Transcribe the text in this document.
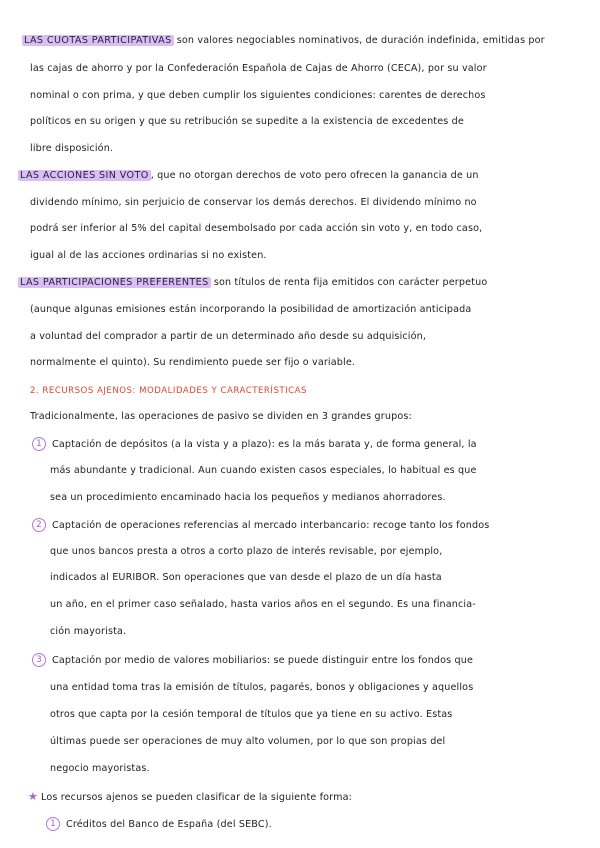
LAS CUOTAS PARTICIPATIVAS son valores negociables nominativos, de duración indefinida, emitidas por
las cajas de ahorro y por la Confederación Española de Cajas de Ahorro (CECA), por su valor
nominal o con prima, y que deben cumplir los siguientes condiciones: carentes de derechos
políticos en su origen y que su retribución se supedite a la existencia de excedentes de
libre disposición.
LAS ACCIONES SIN VOTO , que no otorgan derechos de voto pero ofrecen la ganancia de un
dividendo mínimo, sin perjuicio de conservar los demás derechos. El dividendo mínimo no
podrá ser inferior al 5% del capital desembolsado por cada acción sin voto y, en todo caso,
igual al de las acciones ordinarias si no existen.
LAS PARTICIPACIONES PREFERENTES son títulos de renta fija emitidos con carácter perpetuo
(aunque algunas emisiones están incorporando la posibilidad de amortización anticipada
a voluntad del comprador a partir de un determinado año desde su adquisición,
normalmente el quinto). Su rendimiento puede ser fijo o variable.
2. RECURSOS AJENOS: MODALIDADES Y CARACTERÍSTICAS
Tradicionalmente, las operaciones de pasivo se dividen en 3 grandes grupos:
1 Captación de depósitos (a la vista y a plazo): es la más barata y, de forma general, la
más abundante y tradicional. Aun cuando existen casos especiales, lo habitual es que
sea un procedimiento encaminado hacia los pequeños y medianos ahorradores.
2 Captación de operaciones referencias al mercado interbancario: recoge tanto los fondos
que unos bancos presta a otros a corto plazo de interés revisable, por ejemplo,
indicados al EURIBOR. Son operaciones que van desde el plazo de un día hasta
un año, en el primer caso señalado, hasta varios años en el segundo. Es una financia-
ción mayorista.
3 Captación por medio de valores mobiliarios: se puede distinguir entre los fondos que
una entidad toma tras la emisión de títulos, pagarés, bonos y obligaciones y aquellos
otros que capta por la cesión temporal de títulos que ya tiene en su activo. Estas
últimas puede ser operaciones de muy alto volumen, por lo que son propias del
negocio mayoristas.
★ Los recursos ajenos se pueden clasificar de la siguiente forma:
1 Créditos del Banco de España (del SEBC).
